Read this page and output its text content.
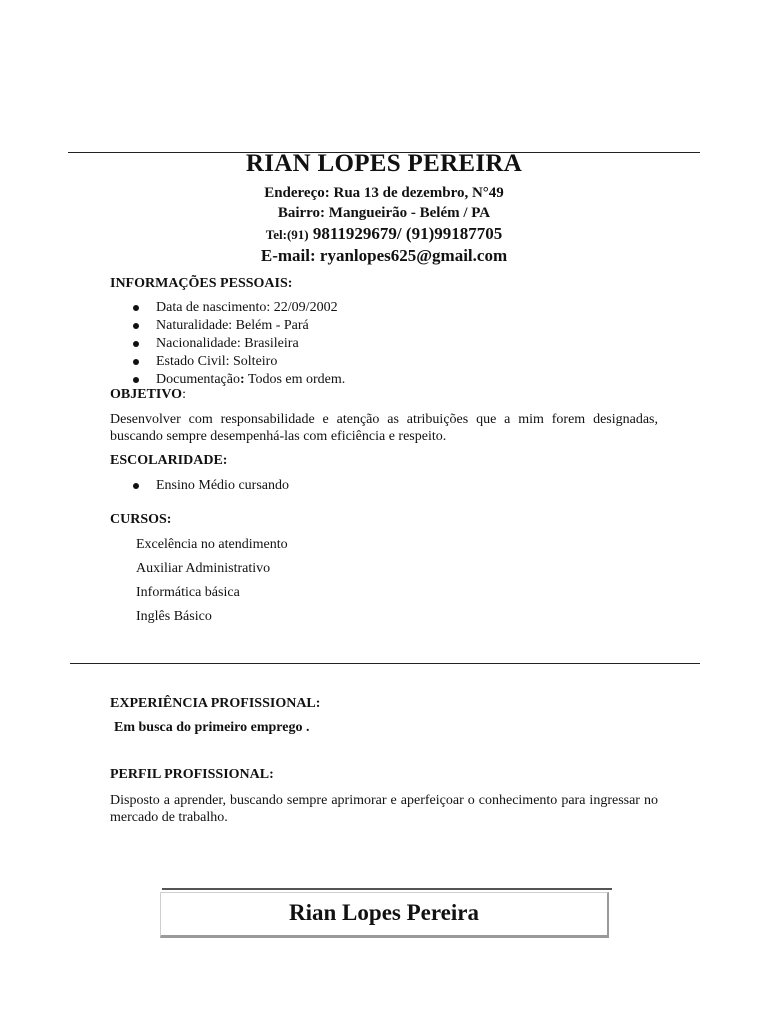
RIAN LOPES PEREIRA
Endereço: Rua 13 de dezembro, N°49
Bairro: Mangueirão - Belém / PA
Tel:(91) 9811929679/ (91)99187705
E-mail: ryanlopes625@gmail.com
INFORMAÇÕES PESSOAIS:
Data de nascimento: 22/09/2002
Naturalidade: Belém - Pará
Nacionalidade: Brasileira
Estado Civil: Solteiro
Documentação: Todos em ordem.
OBJETIVO:
Desenvolver com responsabilidade e atenção as atribuições que a mim forem designadas, buscando sempre desempenhá-las com eficiência e respeito.
ESCOLARIDADE:
Ensino Médio cursando
CURSOS:
Excelência no atendimento
Auxiliar Administrativo
Informática básica
Inglês Básico
EXPERIÊNCIA PROFISSIONAL:
Em busca do primeiro emprego .
PERFIL PROFISSIONAL:
Disposto a aprender, buscando sempre aprimorar e aperfeiçoar o conhecimento para ingressar no mercado de trabalho.
Rian Lopes Pereira
